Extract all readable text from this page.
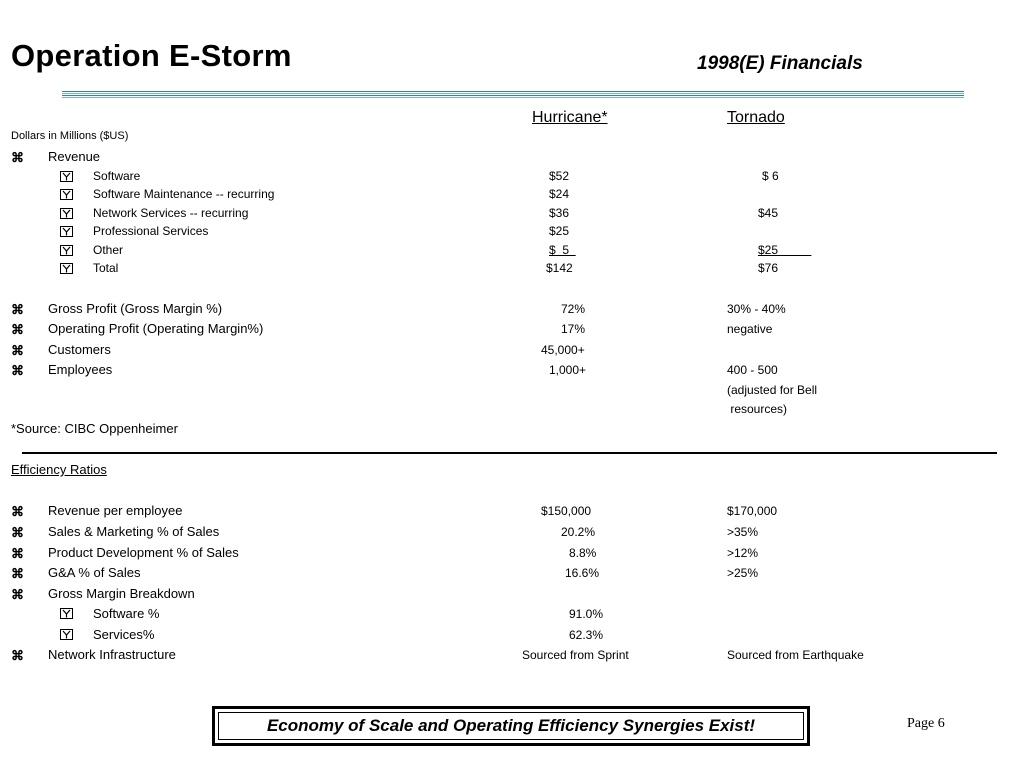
Operation E-Storm	1998(E) Financials
Hurricane*	Tornado
Dollars in Millions ($US)
⌘ Revenue
Software	$52	$ 6
Software Maintenance -- recurring	$24
Network Services -- recurring	$36	$45
Professional Services	$25
Other	$  5	$25
Total	$142	$76
⌘ Gross Profit (Gross Margin %)	72%	30% - 40%
⌘ Operating Profit (Operating Margin%)	17%	negative
⌘ Customers	45,000+
⌘ Employees	1,000+	400 - 500
(adjusted for Bell
resources)
*Source: CIBC Oppenheimer
Efficiency Ratios
⌘ Revenue per employee	$150,000	$170,000
⌘ Sales & Marketing % of Sales	20.2%	>35%
⌘ Product Development % of Sales	8.8%	>12%
⌘ G&A % of Sales	16.6%	>25%
⌘ Gross Margin Breakdown
Software %	91.0%
Services%	62.3%
⌘ Network Infrastructure	Sourced from Sprint	Sourced from Earthquake
Economy of Scale and Operating Efficiency Synergies Exist!	Page 6
